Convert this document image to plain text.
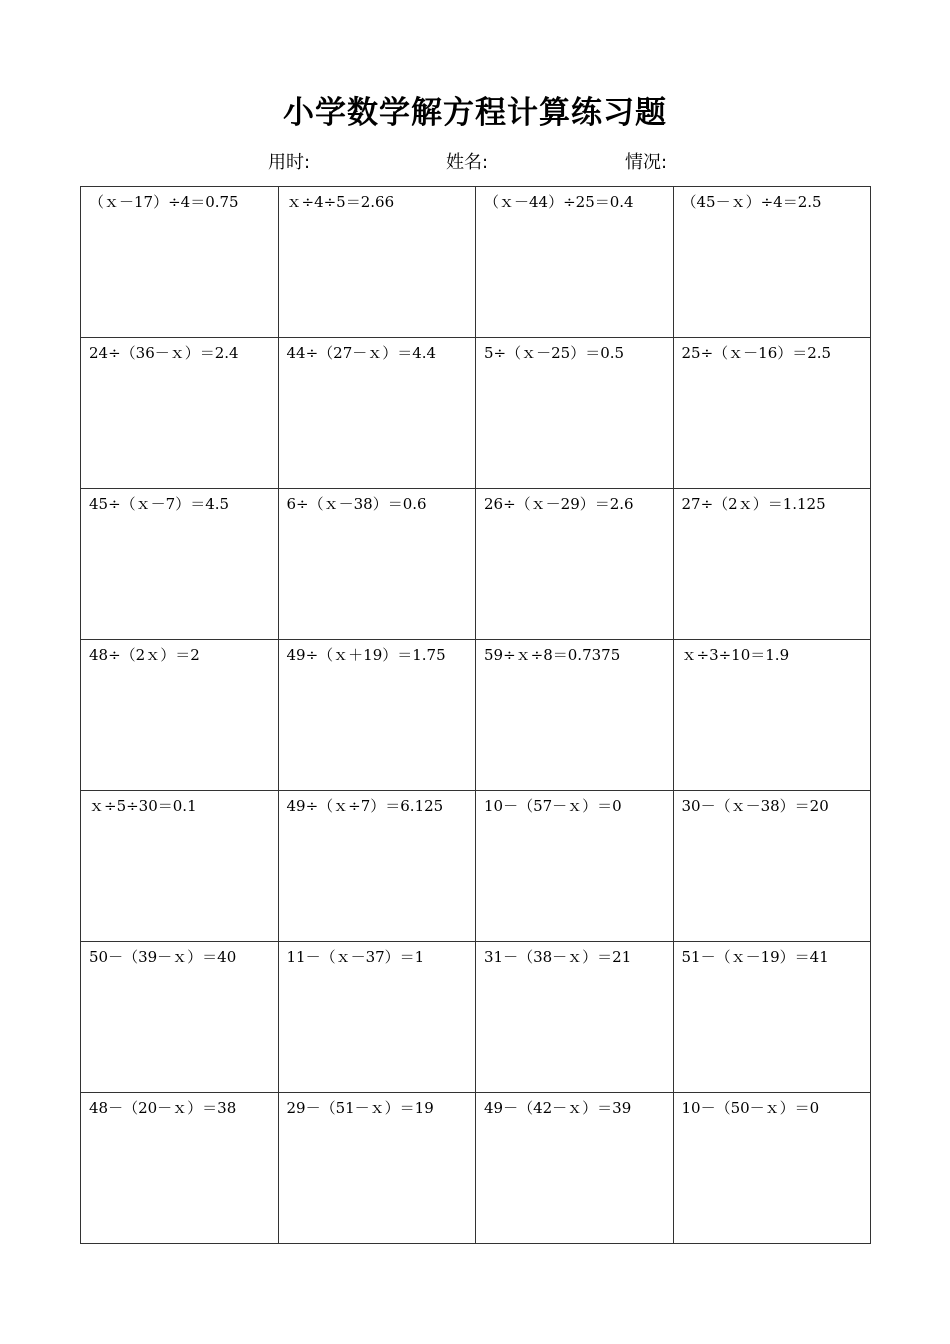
小学数学解方程计算练习题
用时:	姓名:	情况:
（ｘ－17）÷4＝0.75	ｘ÷4÷5＝2.66	（ｘ－44）÷25＝0.4	（45－ｘ）÷4＝2.5

24÷（36－ｘ）＝2.4	44÷（27－ｘ）＝4.4	5÷（ｘ－25）＝0.5	25÷（ｘ－16）＝2.5

45÷（ｘ－7）＝4.5	6÷（ｘ－38）＝0.6	26÷（ｘ－29）＝2.6	27÷（2ｘ）＝1.125

48÷（2ｘ）＝2	49÷（ｘ＋19）＝1.75	59÷ｘ÷8＝0.7375	ｘ÷3÷10＝1.9

ｘ÷5÷30＝0.1	49÷（ｘ÷7）＝6.125	10－（57－ｘ）＝0	30－（ｘ－38）＝20

50－（39－ｘ）＝40	11－（ｘ－37）＝1	31－（38－ｘ）＝21	51－（ｘ－19）＝41

48－（20－ｘ）＝38	29－（51－ｘ）＝19	49－（42－ｘ）＝39	10－（50－ｘ）＝0
